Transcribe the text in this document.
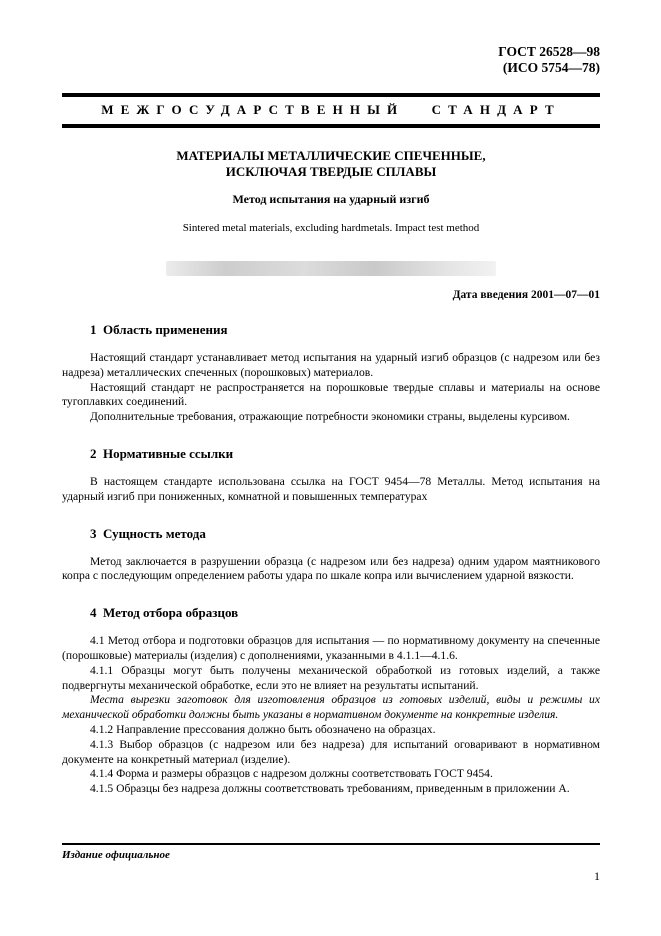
ГОСТ 26528—98
(ИСО 5754—78)
МЕЖГОСУДАРСТВЕННЫЙ СТАНДАРТ
МАТЕРИАЛЫ МЕТАЛЛИЧЕСКИЕ СПЕЧЕННЫЕ,
ИСКЛЮЧАЯ ТВЕРДЫЕ СПЛАВЫ
Метод испытания на ударный изгиб
Sintered metal materials, excluding hardmetals. Impact test method
Дата введения 2001—07—01
1  Область применения

Настоящий стандарт устанавливает метод испытания на ударный изгиб образцов (с надрезом или без надреза) металлических спеченных (порошковых) материалов.

Настоящий стандарт не распространяется на порошковые твердые сплавы и материалы на основе тугоплавких соединений.

Дополнительные требования, отражающие потребности экономики страны, выделены курсивом.

2  Нормативные ссылки

В настоящем стандарте использована ссылка на ГОСТ 9454—78 Металлы. Метод испытания на ударный изгиб при пониженных, комнатной и повышенных температурах

3  Сущность метода

Метод заключается в разрушении образца (с надрезом или без надреза) одним ударом маятникового копра с последующим определением работы удара по шкале копра или вычислением ударной вязкости.

4  Метод отбора образцов

4.1 Метод отбора и подготовки образцов для испытания — по нормативному документу на спеченные (порошковые) материалы (изделия) с дополнениями, указанными в 4.1.1—4.1.6.

4.1.1 Образцы могут быть получены механической обработкой из готовых изделий, а также подвергнуты механической обработке, если это не влияет на результаты испытаний.

Места вырезки заготовок для изготовления образцов из готовых изделий, виды и режимы их механической обработки должны быть указаны в нормативном документе на конкретные изделия.

4.1.2 Направление прессования должно быть обозначено на образцах.

4.1.3 Выбор образцов (с надрезом или без надреза) для испытаний оговаривают в нормативном документе на конкретный материал (изделие).

4.1.4 Форма и размеры образцов с надрезом должны соответствовать ГОСТ 9454.

4.1.5 Образцы без надреза должны соответствовать требованиям, приведенным в приложении А.

Издание официальное
1
